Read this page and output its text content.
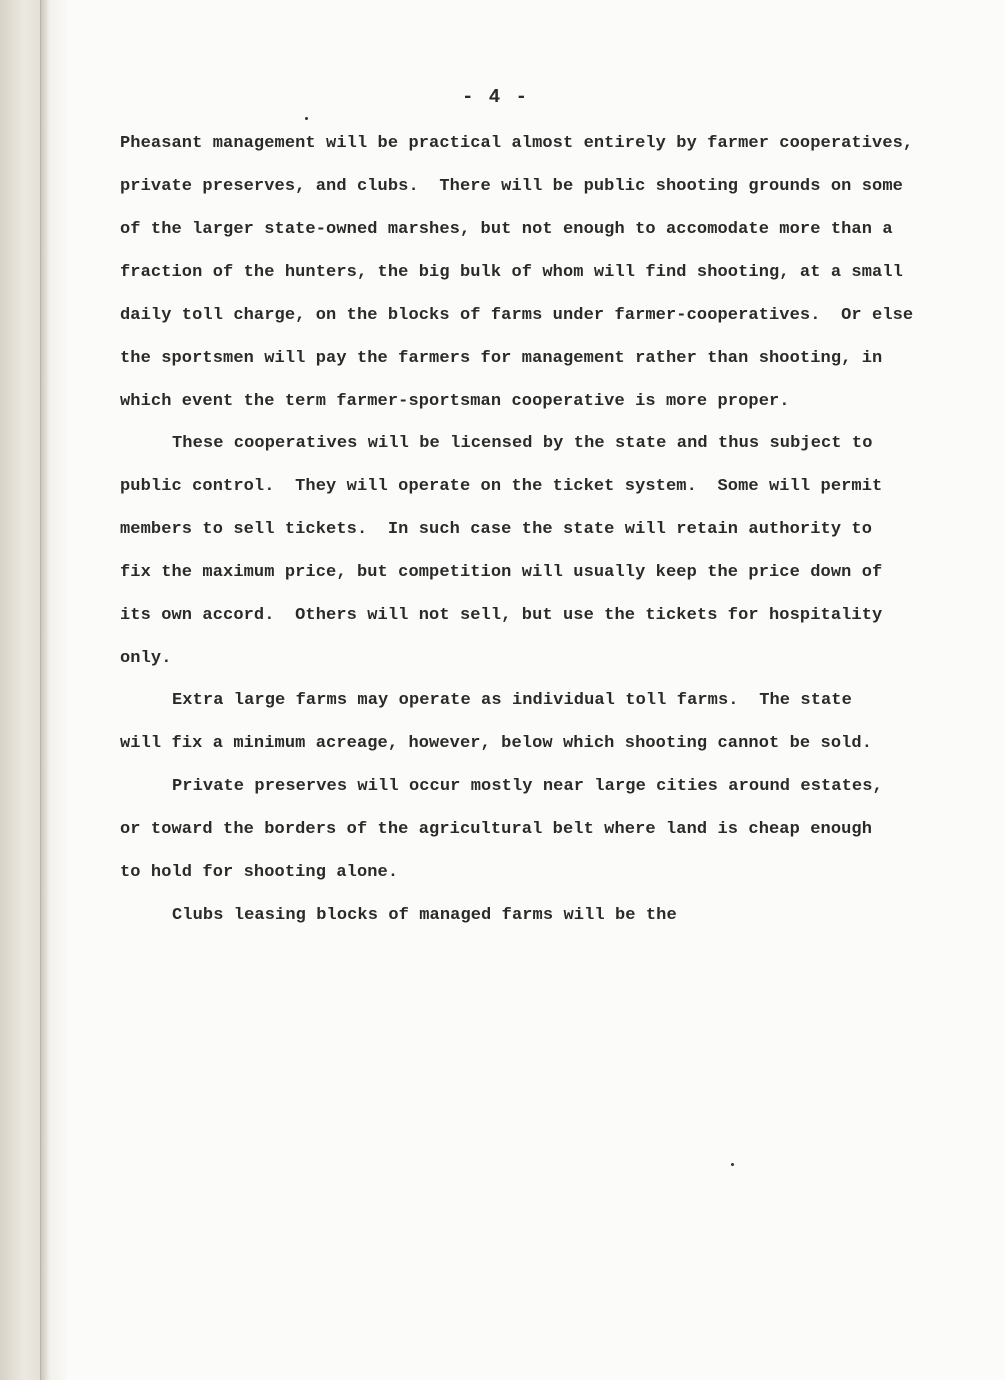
- 4 -
Pheasant management will be practical almost entirely by farmer cooperatives,
private preserves, and clubs.  There will be public shooting grounds on some
of the larger state-owned marshes, but not enough to accomodate more than a
fraction of the hunters, the big bulk of whom will find shooting, at a small
daily toll charge, on the blocks of farms under farmer-cooperatives.  Or else
the sportsmen will pay the farmers for management rather than shooting, in
which event the term farmer-sportsman cooperative is more proper.
These cooperatives will be licensed by the state and thus subject to
public control.  They will operate on the ticket system.  Some will permit
members to sell tickets.  In such case the state will retain authority to
fix the maximum price, but competition will usually keep the price down of
its own accord.  Others will not sell, but use the tickets for hospitality
only.
Extra large farms may operate as individual toll farms.  The state
will fix a minimum acreage, however, below which shooting cannot be sold.
Private preserves will occur mostly near large cities around estates,
or toward the borders of the agricultural belt where land is cheap enough
to hold for shooting alone.
Clubs leasing blocks of managed farms will be the
